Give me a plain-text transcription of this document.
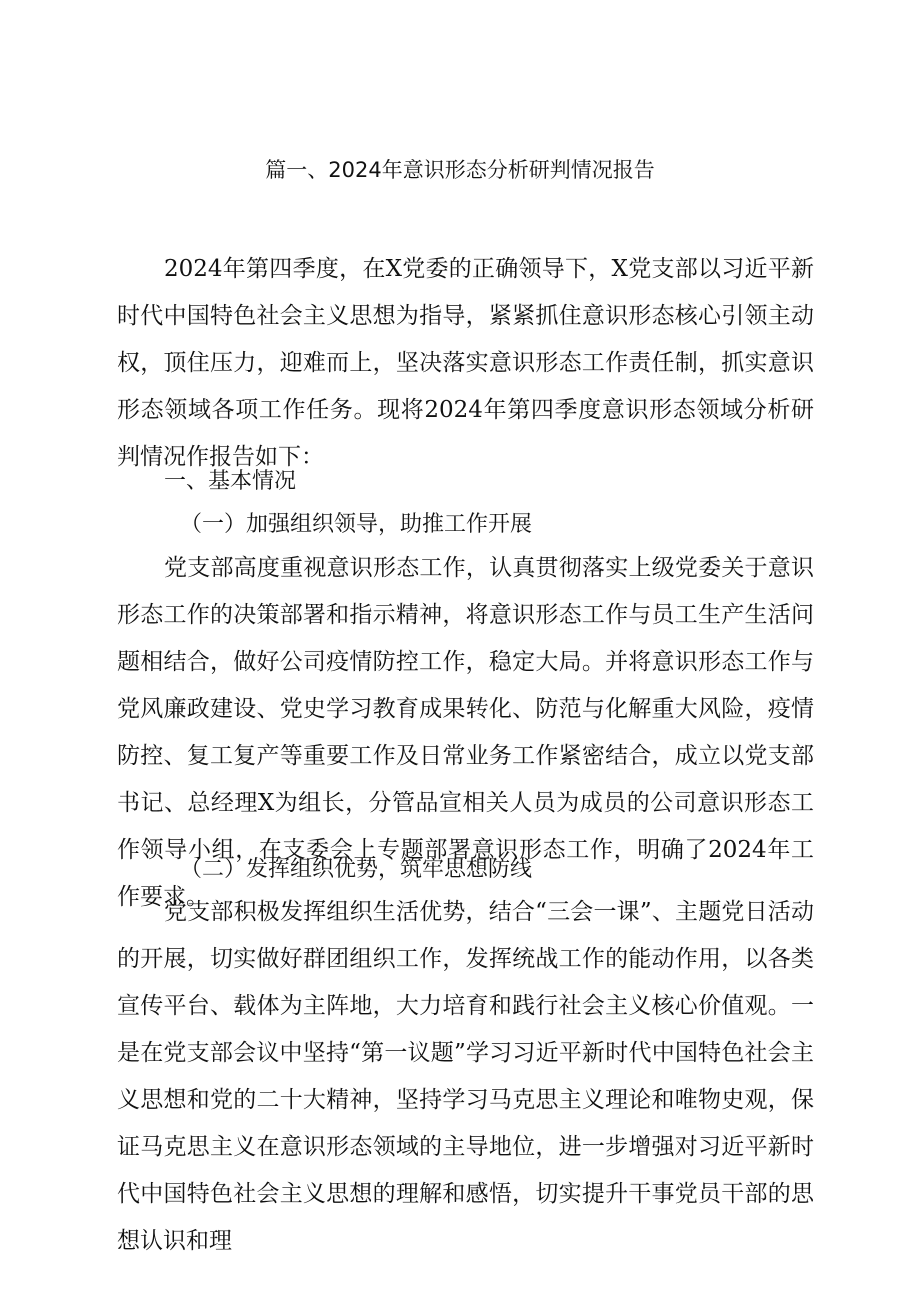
篇一、2024年意识形态分析研判情况报告

2024年第四季度，在X党委的正确领导下，X党支部以习近平新时代中国特色社会主义思想为指导，紧紧抓住意识形态核心引领主动权，顶住压力，迎难而上，坚决落实意识形态工作责任制，抓实意识形态领域各项工作任务。现将2024年第四季度意识形态领域分析研判情况作报告如下：

一、基本情况
（一）加强组织领导，助推工作开展

党支部高度重视意识形态工作，认真贯彻落实上级党委关于意识形态工作的决策部署和指示精神，将意识形态工作与员工生产生活问题相结合，做好公司疫情防控工作，稳定大局。并将意识形态工作与党风廉政建设、党史学习教育成果转化、防范与化解重大风险，疫情防控、复工复产等重要工作及日常业务工作紧密结合，成立以党支部书记、总经理X为组长，分管品宣相关人员为成员的公司意识形态工作领导小组，在支委会上专题部署意识形态工作，明确了2024年工作要求。

（二）发挥组织优势，筑牢思想防线

党支部积极发挥组织生活优势，结合“三会一课”、主题党日活动的开展，切实做好群团组织工作，发挥统战工作的能动作用，以各类宣传平台、载体为主阵地，大力培育和践行社会主义核心价值观。一是在党支部会议中坚持“第一议题”学习习近平新时代中国特色社会主义思想和党的二十大精神，坚持学习马克思主义理论和唯物史观，保证马克思主义在意识形态领域的主导地位，进一步增强对习近平新时代中国特色社会主义思想的理解和感悟，切实提升干事党员干部的思想认识和理
